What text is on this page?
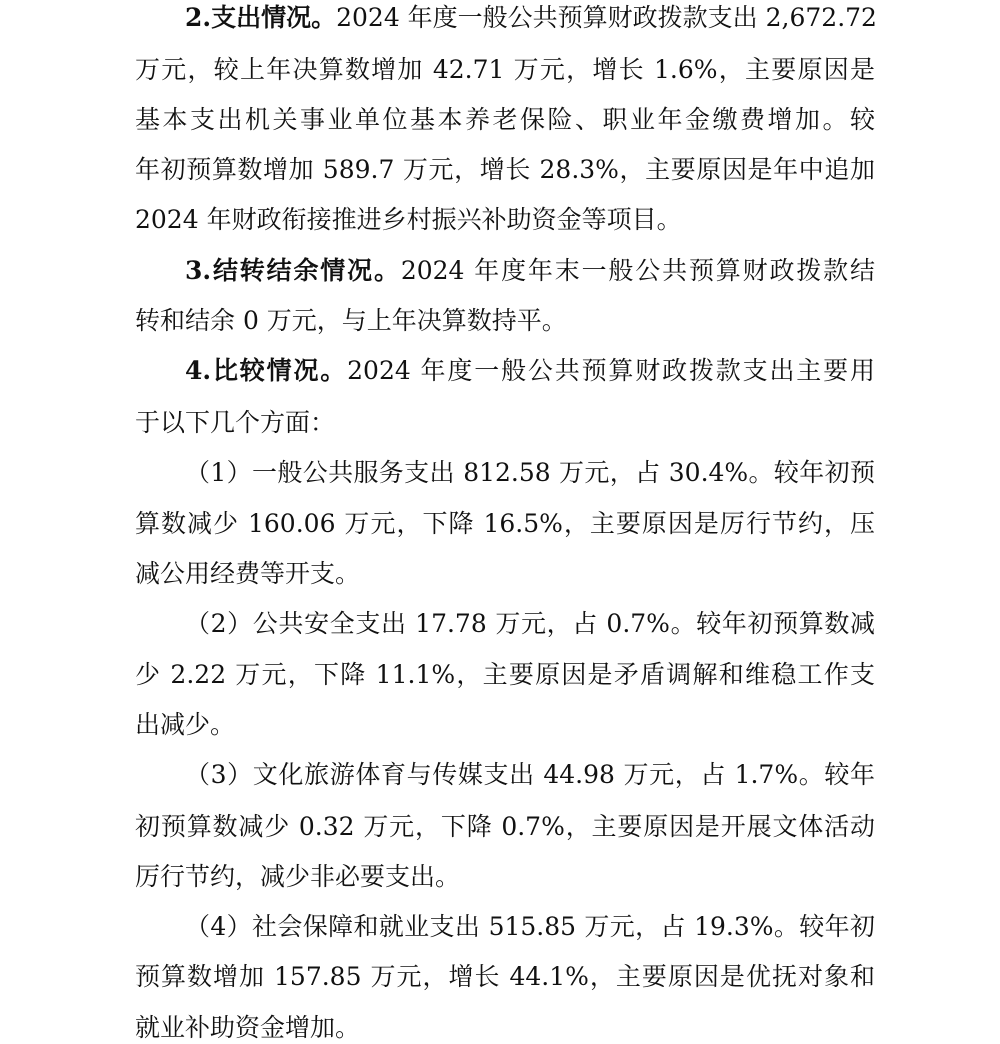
2.支出情况。2024 年度一般公共预算财政拨款支出 2,672.72
万元，较上年决算数增加 42.71 万元，增长 1.6%，主要原因是
基本支出机关事业单位基本养老保险、职业年金缴费增加。较
年初预算数增加 589.7 万元，增长 28.3%，主要原因是年中追加
2024 年财政衔接推进乡村振兴补助资金等项目。
3.结转结余情况。2024 年度年末一般公共预算财政拨款结
转和结余 0 万元，与上年决算数持平。
4.比较情况。2024 年度一般公共预算财政拨款支出主要用
于以下几个方面：
（1）一般公共服务支出 812.58 万元，占 30.4%。较年初预
算数减少 160.06 万元，下降 16.5%，主要原因是厉行节约，压
减公用经费等开支。
（2）公共安全支出 17.78 万元，占 0.7%。较年初预算数减
少 2.22 万元，下降 11.1%，主要原因是矛盾调解和维稳工作支
出减少。
（3）文化旅游体育与传媒支出 44.98 万元，占 1.7%。较年
初预算数减少 0.32 万元，下降 0.7%，主要原因是开展文体活动
厉行节约，减少非必要支出。
（4）社会保障和就业支出 515.85 万元，占 19.3%。较年初
预算数增加 157.85 万元，增长 44.1%，主要原因是优抚对象和
就业补助资金增加。
